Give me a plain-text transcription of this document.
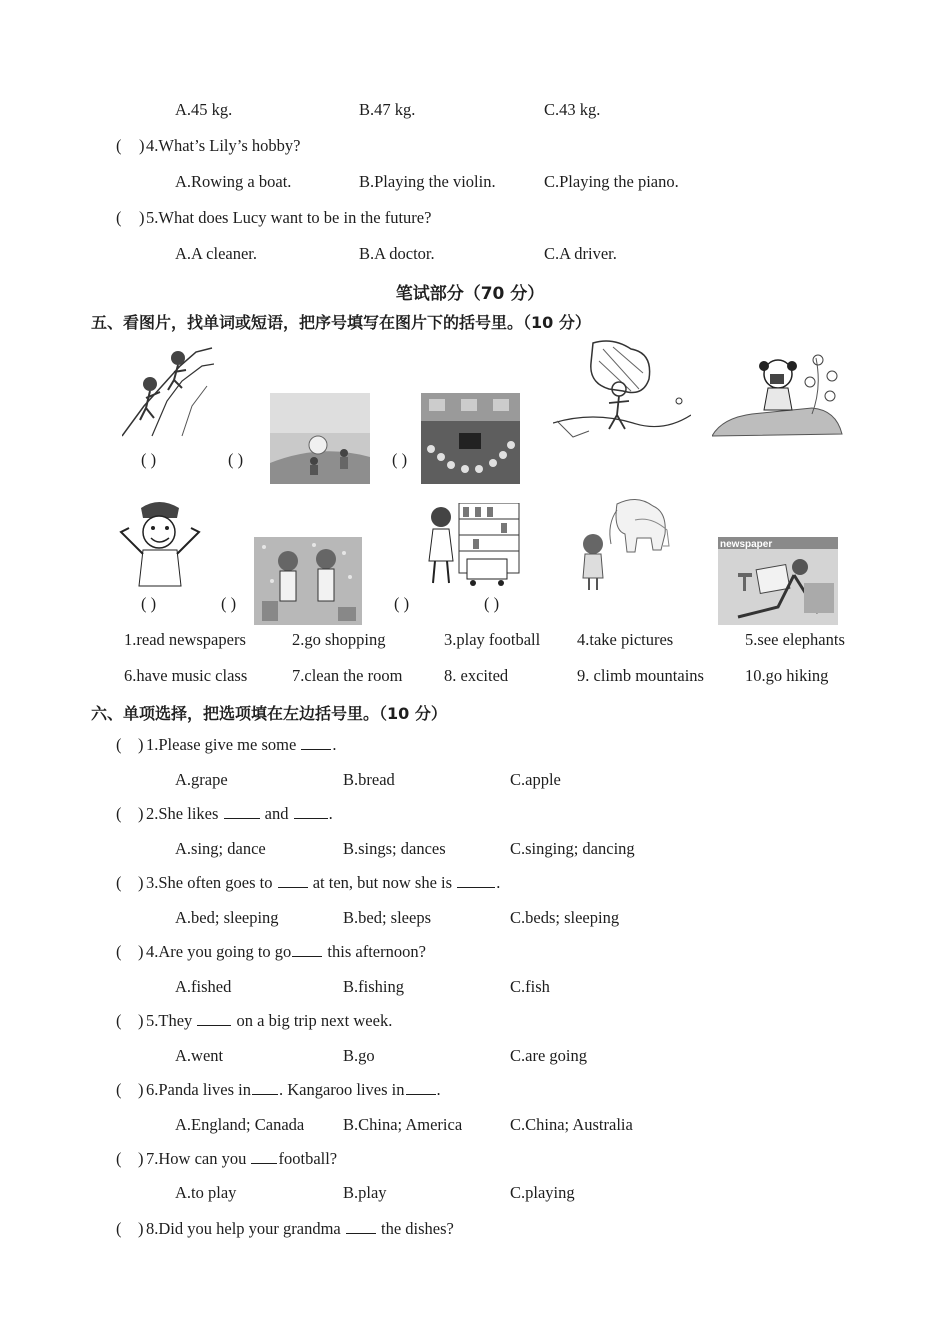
A.45 kg.	B.47 kg.	C.43 kg.
( ) 4.What’s Lily’s hobby?
A.Rowing a boat.	B.Playing the violin.	C.Playing the piano.
( ) 5.What does Lucy want to be in the future?
A.A cleaner.	B.A doctor.	C.A driver.
笔试部分（70 分）
五、看图片，找单词或短语，把序号填写在图片下的括号里。（10 分）
( )	( )	( )
newspaper
( )	( )	( )	( )
1.read newspapers	2.go shopping	3.play football 4.take pictures	5.see elephants
6.have music class	7.clean the room	8. excited	9. climb mountains 10.go hiking
六、单项选择，把选项填在左边括号里。（10 分）
(    ) 1.Please give me some .
A.grape	B.bread	C.apple
(    ) 2.She likes  and .
A.sing; dance	B.sings; dances	C.singing; dancing
(    ) 3.She often goes to  at ten, but now she is .
A.bed; sleeping	B.bed; sleeps	C.beds; sleeping
(    ) 4.Are you going to go this afternoon?
A.fished	B.fishing	C.fish
(    ) 5.They  on a big trip next week.
A.went	B.go	C.are going
(    ) 6.Panda lives in . Kangaroo lives in .
A.England; Canada B.China; America	C.China; Australia
(    ) 7.How can you football?
A.to play	B.play	C.playing
(    ) 8.Did you help your grandma  the dishes?
